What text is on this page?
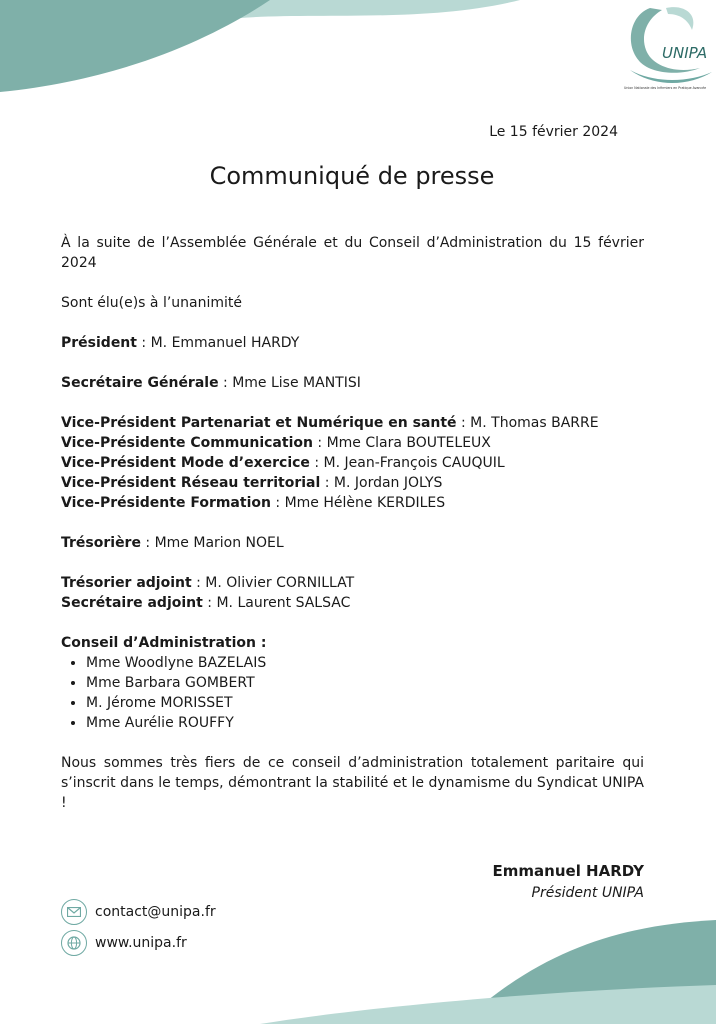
UNIPA
Union Nationale des Infirmiers en Pratique Avancée
Le 15 février 2024
Communiqué de presse

À la suite de l’Assemblée Générale et du Conseil d’Administration du 15 février 2024

Sont élu(e)s à l’unanimité

Président : M. Emmanuel HARDY

Secrétaire Générale : Mme Lise MANTISI

Vice-Président Partenariat et Numérique en santé : M. Thomas BARRE

Vice-Présidente Communication : Mme Clara BOUTELEUX

Vice-Président Mode d’exercice : M. Jean-François CAUQUIL

Vice-Président Réseau territorial : M. Jordan JOLYS

Vice-Présidente Formation : Mme Hélène KERDILES

Trésorière : Mme Marion NOEL

Trésorier adjoint : M. Olivier CORNILLAT

Secrétaire adjoint : M. Laurent SALSAC

Conseil d’Administration :

• Mme Woodlyne BAZELAIS
• Mme Barbara GOMBERT
• M. Jérome MORISSET
• Mme Aurélie ROUFFY

Nous sommes très fiers de ce conseil d’administration totalement paritaire qui s’inscrit dans le temps, démontrant la stabilité et le dynamisme du Syndicat UNIPA !

Emmanuel HARDY
Président UNIPA
contact@unipa.fr
www.unipa.fr
